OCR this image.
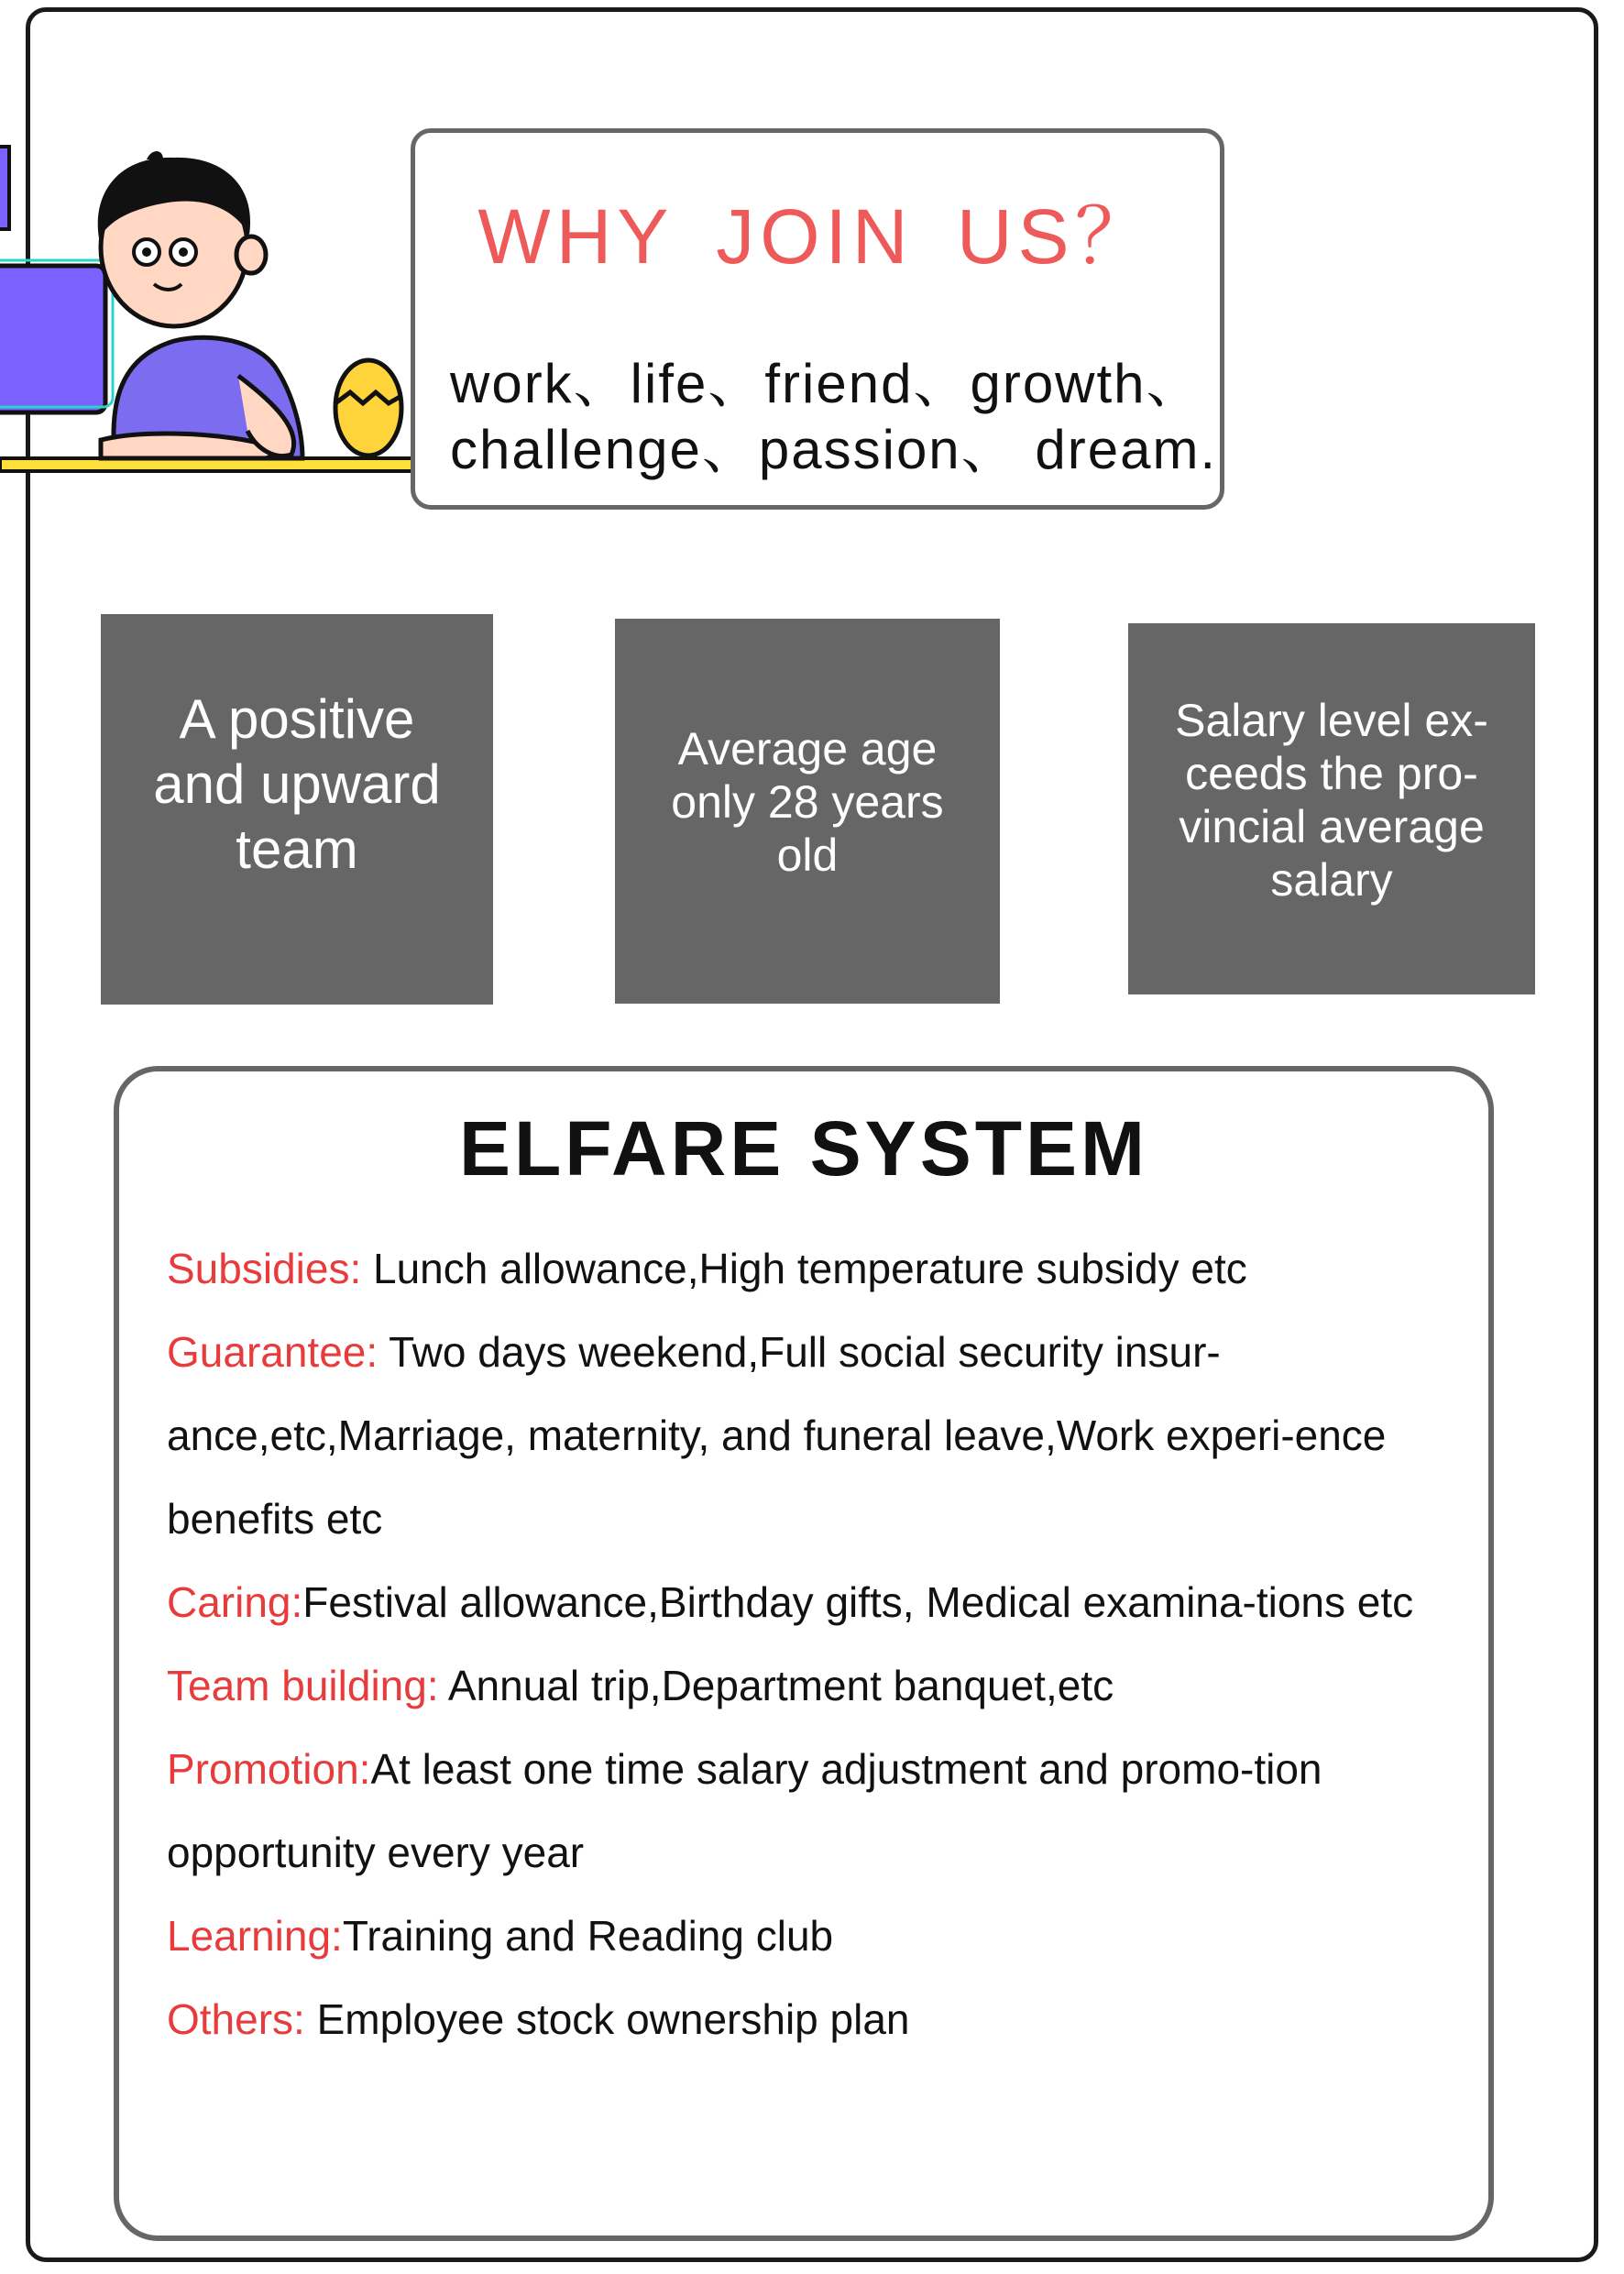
WHY JOIN US？
work、life、friend、growth、
challenge、passion、 dream.
A positive and upward team
Average age only 28 years old
Salary level ex-ceeds the pro-vincial average salary
ELFARE SYSTEM
Subsidies: Lunch allowance,High temperature subsidy etc
Guarantee: Two days weekend,Full social security insur-ance,etc,Marriage, maternity, and funeral leave,Work experi-ence benefits etc
Caring:Festival allowance,Birthday gifts, Medical examina-tions etc
Team building: Annual trip,Department banquet,etc
Promotion:At least one time salary adjustment and promo-tion opportunity every year
Learning:Training and Reading club
Others: Employee stock ownership plan
